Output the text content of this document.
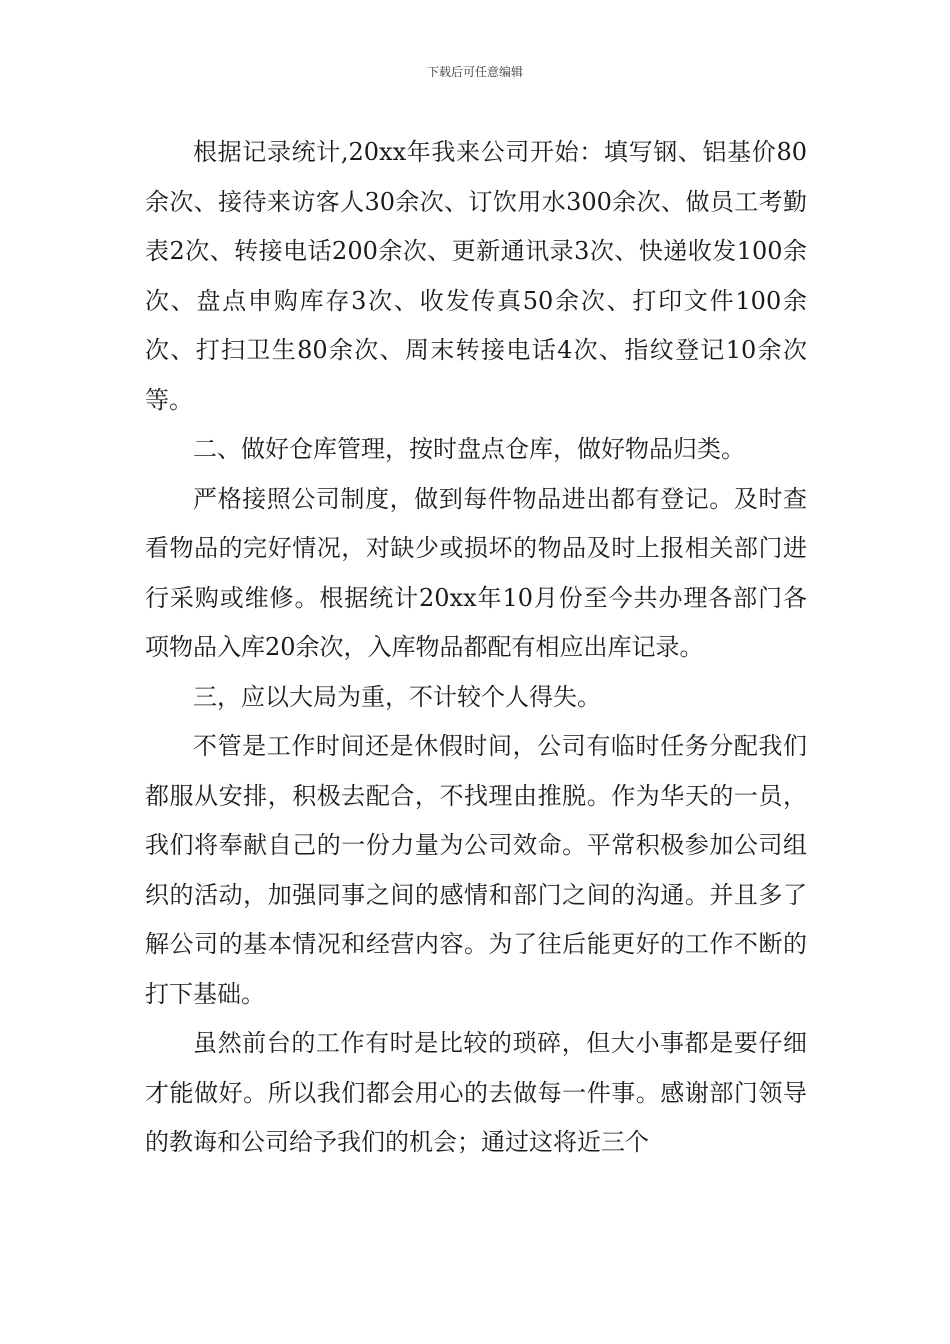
下载后可任意编辑

根据记录统计,20xx年我来公司开始：填写钢、铝基价80余次、接待来访客人30余次、订饮用水300余次、做员工考勤表2次、转接电话200余次、更新通讯录3次、快递收发100余次、盘点申购库存3次、收发传真50余次、打印文件100余次、打扫卫生80余次、周末转接电话4次、指纹登记10余次等。

二、做好仓库管理，按时盘点仓库，做好物品归类。

严格接照公司制度，做到每件物品进出都有登记。及时查看物品的完好情况，对缺少或损坏的物品及时上报相关部门进行采购或维修。根据统计20xx年10月份至今共办理各部门各项物品入库20余次，入库物品都配有相应出库记录。

三，应以大局为重，不计较个人得失。

不管是工作时间还是休假时间，公司有临时任务分配我们都服从安排，积极去配合，不找理由推脱。作为华天的一员，我们将奉献自己的一份力量为公司效命。平常积极参加公司组织的活动，加强同事之间的感情和部门之间的沟通。并且多了解公司的基本情况和经营内容。为了往后能更好的工作不断的打下基础。

虽然前台的工作有时是比较的琐碎，但大小事都是要仔细才能做好。所以我们都会用心的去做每一件事。感谢部门领导的教诲和公司给予我们的机会；通过这将近三个
